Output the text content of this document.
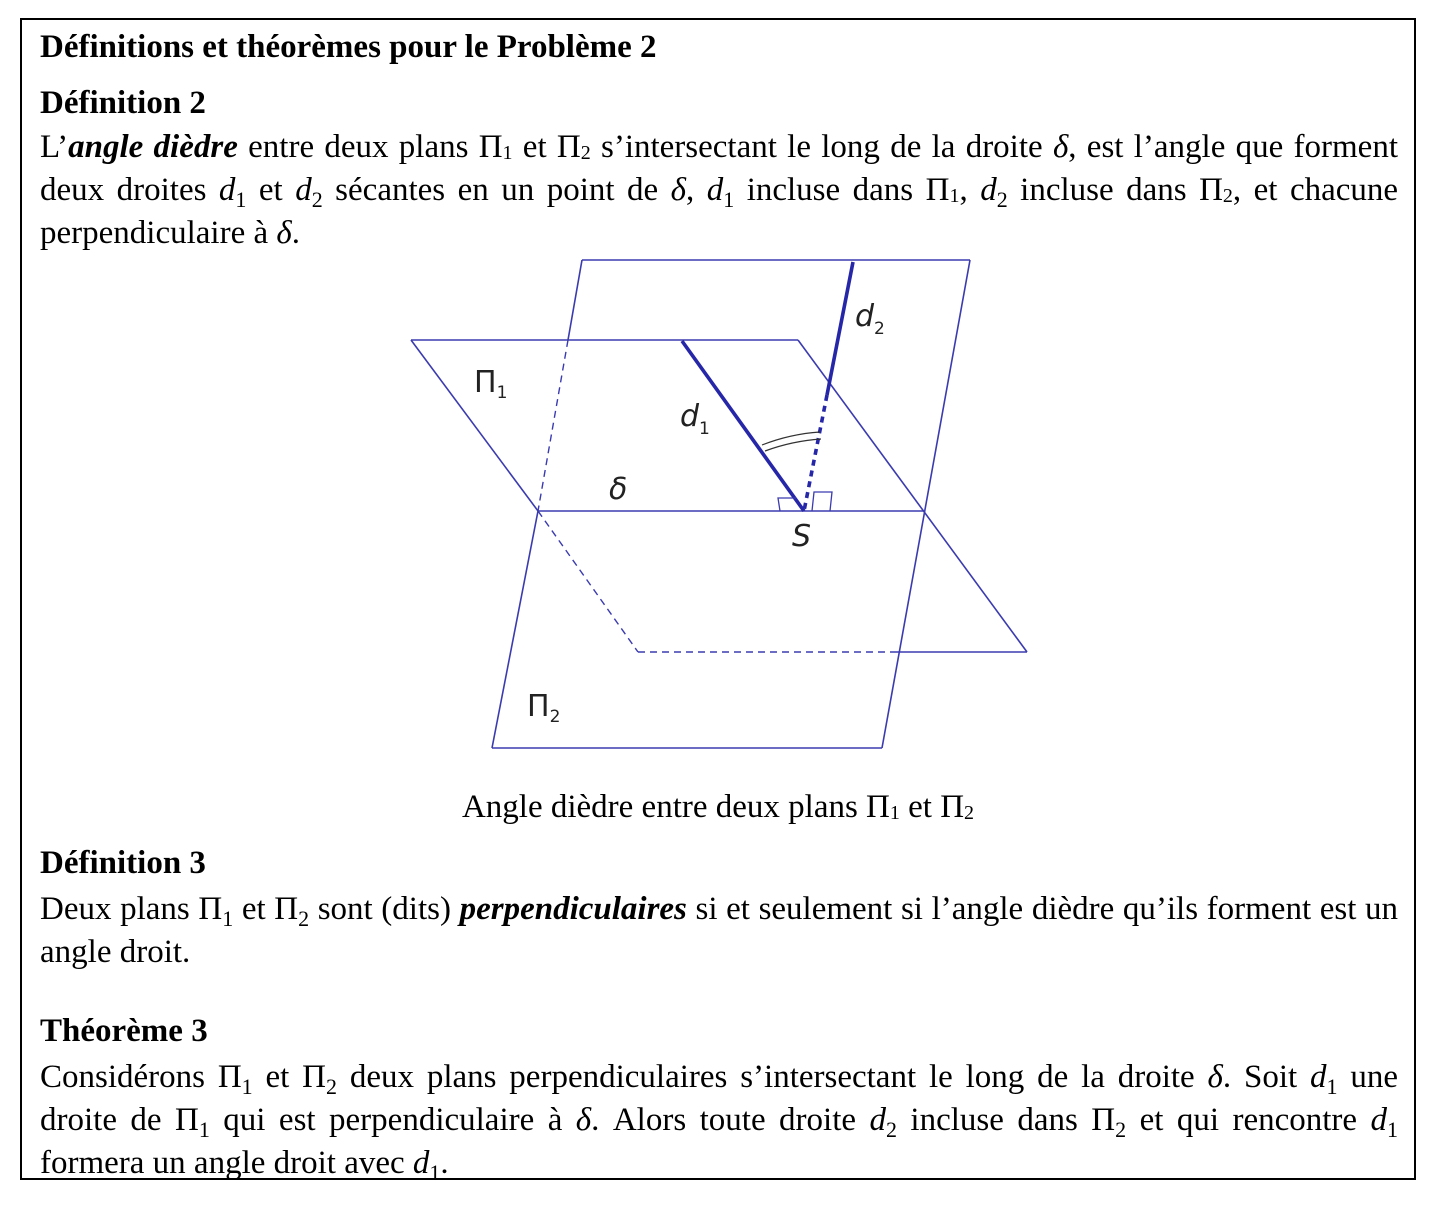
Définitions et théorèmes pour le Problème 2

Définition 2

L’angle dièdre entre deux plans Π1 et Π2 s’intersectant le long de la droite δ, est l’angle que forment deux droites $d_1$ et $d_2$ sécantes en un point de δ, $d_1$ incluse dans Π1, $d_2$ incluse dans Π2, et chacune perpendiculaire à δ.

Angle dièdre entre deux plans Π1 et Π2

Définition 3

Deux plans $\Pi_1$ et $\Pi_2$ sont (dits) perpendiculaires si et seulement si l’angle dièdre qu’ils forment est un angle droit.

Théorème 3

Considérons $\Pi_1$ et $\Pi_2$ deux plans perpendiculaires s’intersectant le long de la droite δ. Soit $d_1$ une droite de $\Pi_1$ qui est perpendiculaire à δ. Alors toute droite $d_2$ incluse dans $\Pi_2$ et qui rencontre $d_1$ formera un angle droit avec $d_1$.

$\Pi_1$
$\Pi_2$
$d_1$
$d_2$
δ
S
